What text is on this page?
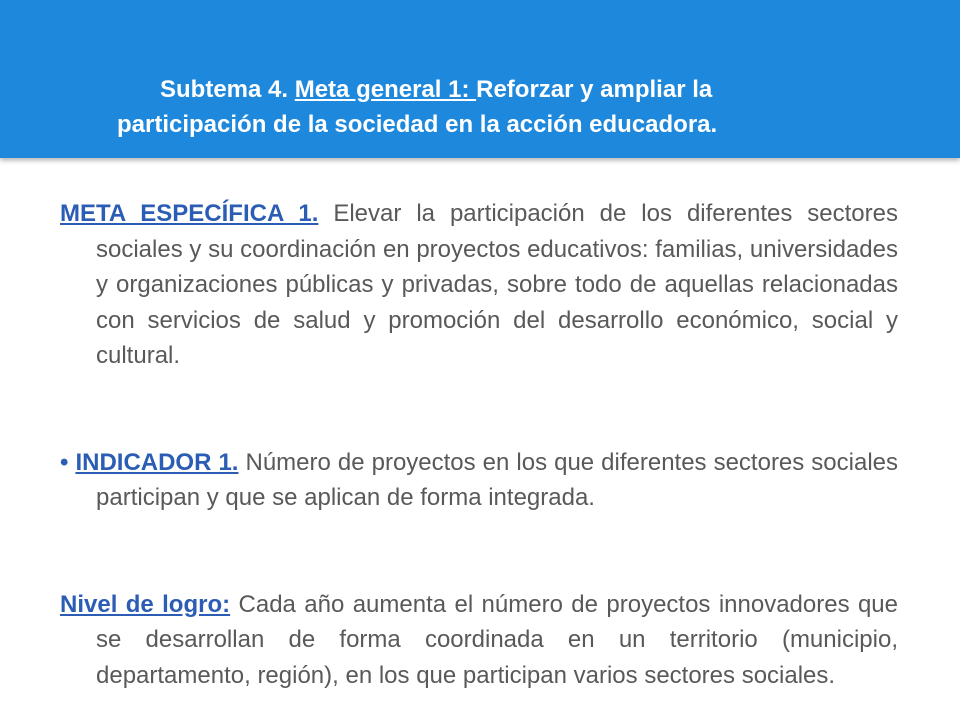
Subtema 4. Meta general 1: Reforzar y ampliar la
participación de la sociedad en la acción educadora.

META ESPECÍFICA 1. Elevar la participación de los diferentes sectores sociales y su coordinación en proyectos educativos: familias, universidades y organizaciones públicas y privadas, sobre todo de aquellas relacionadas con servicios de salud y promoción del desarrollo económico, social y cultural.

• INDICADOR 1. Número de proyectos en los que diferentes sectores sociales participan y que se aplican de forma integrada.

Nivel de logro: Cada año aumenta el número de proyectos innovadores que se desarrollan de forma coordinada en un territorio (municipio, departamento, región), en los que participan varios sectores sociales.
